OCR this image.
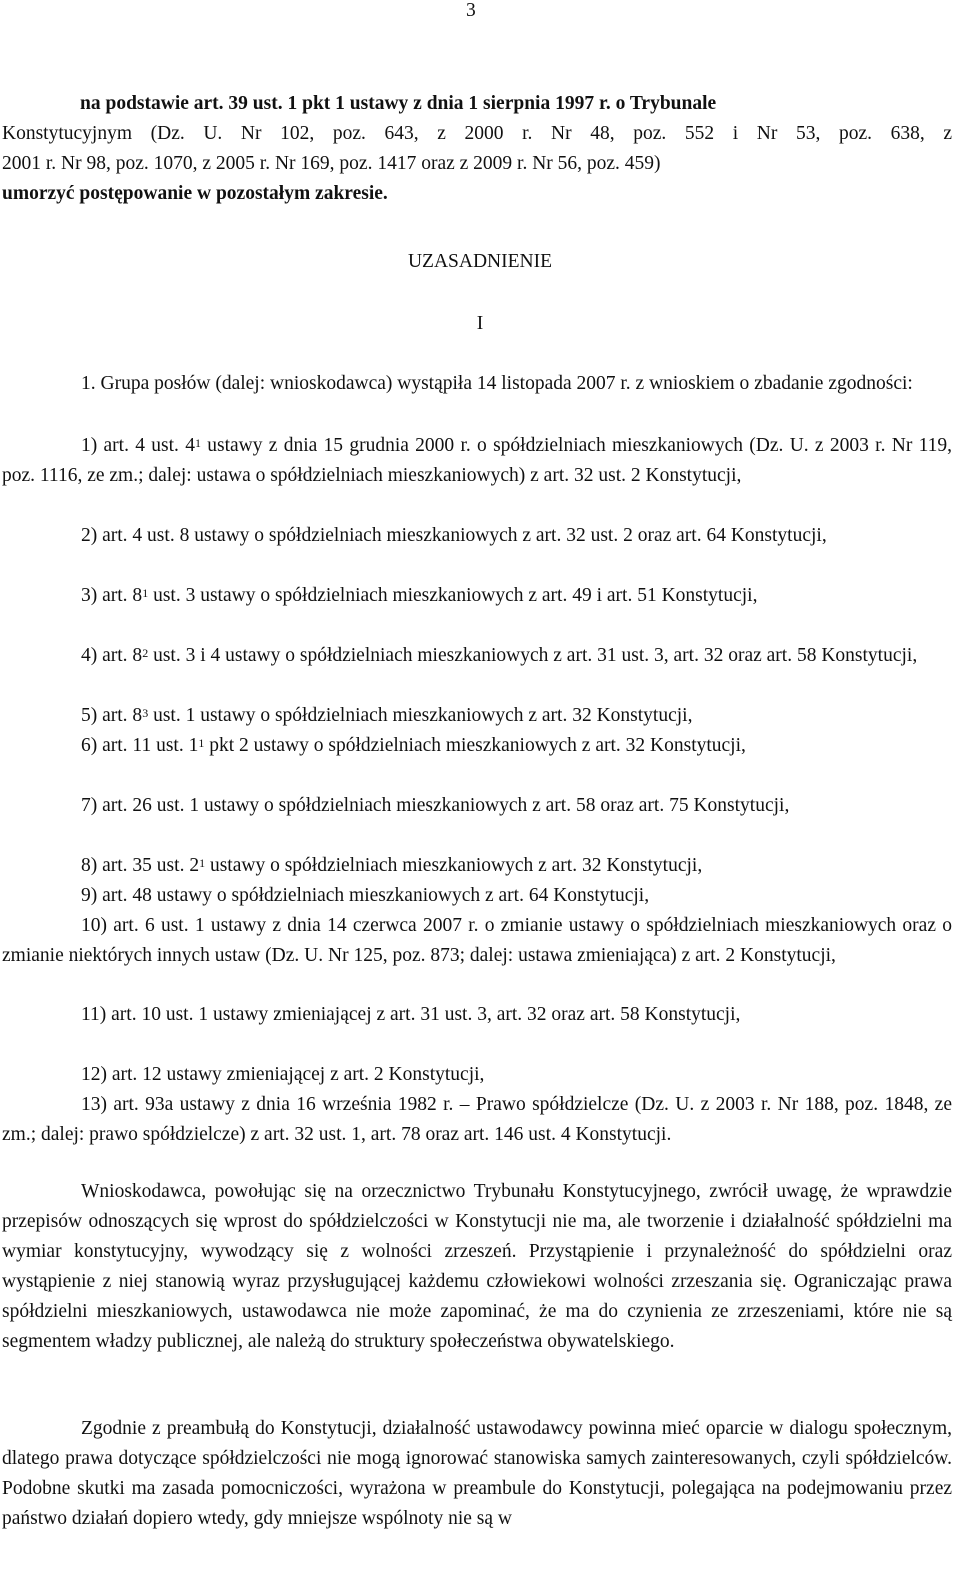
3
na podstawie art. 39 ust. 1 pkt 1 ustawy z dnia 1 sierpnia 1997 r. o Trybunale
Konstytucyjnym (Dz. U. Nr 102, poz. 643, z 2000 r. Nr 48, poz. 552 i Nr 53, poz. 638, z
2001 r. Nr 98, poz. 1070, z 2005 r. Nr 169, poz. 1417 oraz z 2009 r. Nr 56, poz. 459)
umorzyć postępowanie w pozostałym zakresie.
UZASADNIENIE
I

1. Grupa posłów (dalej: wnioskodawca) wystąpiła 14 listopada 2007 r. z wnioskiem o zbadanie zgodności:

1) art. 4 ust. $4^1$ ustawy z dnia 15 grudnia 2000 r. o spółdzielniach mieszkaniowych (Dz. U. z 2003 r. Nr 119, poz. 1116, ze zm.; dalej: ustawa o spółdzielniach mieszkaniowych) z art. 32 ust. 2 Konstytucji,

2) art. 4 ust. 8 ustawy o spółdzielniach mieszkaniowych z art. 32 ust. 2 oraz art. 64 Konstytucji,

3) art. $8^1$ ust. 3 ustawy o spółdzielniach mieszkaniowych z art. 49 i art. 51 Konstytucji,

4) art. $8^2$ ust. 3 i 4 ustawy o spółdzielniach mieszkaniowych z art. 31 ust. 3, art. 32 oraz art. 58 Konstytucji,

5) art. $8^3$ ust. 1 ustawy o spółdzielniach mieszkaniowych z art. 32 Konstytucji,

6) art. 11 ust. $1^1$ pkt 2 ustawy o spółdzielniach mieszkaniowych z art. 32 Konstytucji,

7) art. 26 ust. 1 ustawy o spółdzielniach mieszkaniowych z art. 58 oraz art. 75 Konstytucji,

8) art. 35 ust. $2^1$ ustawy o spółdzielniach mieszkaniowych z art. 32 Konstytucji,

9) art. 48 ustawy o spółdzielniach mieszkaniowych z art. 64 Konstytucji,

10) art. 6 ust. 1 ustawy z dnia 14 czerwca 2007 r. o zmianie ustawy o spółdzielniach mieszkaniowych oraz o zmianie niektórych innych ustaw (Dz. U. Nr 125, poz. 873; dalej: ustawa zmieniająca) z art. 2 Konstytucji,

11) art. 10 ust. 1 ustawy zmieniającej z art. 31 ust. 3, art. 32 oraz art. 58 Konstytucji,

12) art. 12 ustawy zmieniającej z art. 2 Konstytucji,

13) art. 93a ustawy z dnia 16 września 1982 r. – Prawo spółdzielcze (Dz. U. z 2003 r. Nr 188, poz. 1848, ze zm.; dalej: prawo spółdzielcze) z art. 32 ust. 1, art. 78 oraz art. 146 ust. 4 Konstytucji.

Wnioskodawca, powołując się na orzecznictwo Trybunału Konstytucyjnego, zwrócił uwagę, że wprawdzie przepisów odnoszących się wprost do spółdzielczości w Konstytucji nie ma, ale tworzenie i działalność spółdzielni ma wymiar konstytucyjny, wywodzący się z wolności zrzeszeń. Przystąpienie i przynależność do spółdzielni oraz wystąpienie z niej stanowią wyraz przysługującej każdemu człowiekowi wolności zrzeszania się. Ograniczając prawa spółdzielni mieszkaniowych, ustawodawca nie może zapominać, że ma do czynienia ze zrzeszeniami, które nie są segmentem władzy publicznej, ale należą do struktury społeczeństwa obywatelskiego.

Zgodnie z preambułą do Konstytucji, działalność ustawodawcy powinna mieć oparcie w dialogu społecznym, dlatego prawa dotyczące spółdzielczości nie mogą ignorować stanowiska samych zainteresowanych, czyli spółdzielców. Podobne skutki ma zasada pomocniczości, wyrażona w preambule do Konstytucji, polegająca na podejmowaniu przez państwo działań dopiero wtedy, gdy mniejsze wspólnoty nie są w
